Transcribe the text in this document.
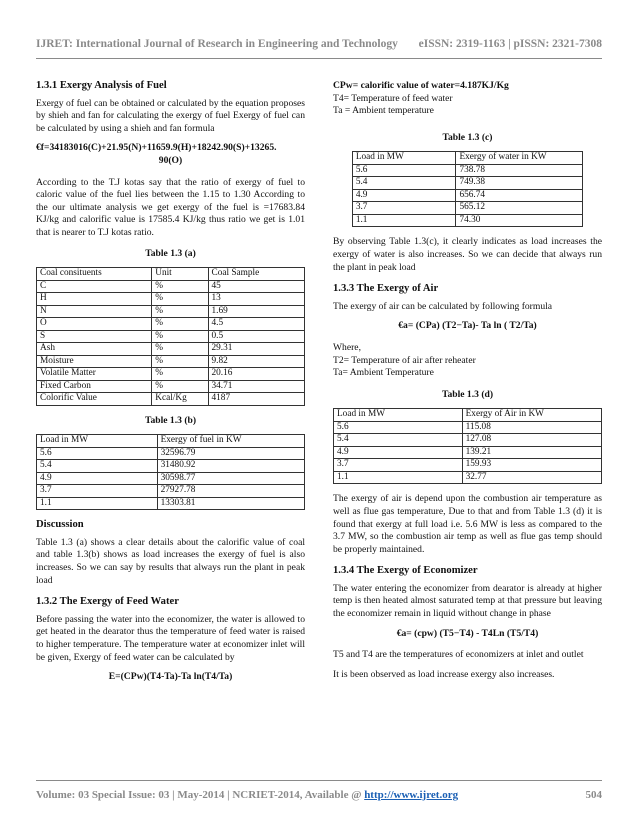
IJRET: International Journal of Research in Engineering and Technology eISSN: 2319-1163 | pISSN: 2321-7308
1.3.1 Exergy Analysis of Fuel

Exergy of fuel can be obtained or calculated by the equation proposes by shieh and fan for calculating the exergy of fuel Exergy of fuel can be calculated by using a shieh and fan formula

€f=34183016(C)+21.95(N)+11659.9(H)+18242.90(S)+13265.
90(O)

According to the T.J kotas say that the ratio of exergy of fuel to caloric value of the fuel lies between the 1.15 to 1.30 According to the our ultimate analysis we get exergy of the fuel is =17683.84 KJ/kg and calorific value is 17585.4 KJ/kg thus ratio we get is 1.01 that is nearer to T.J kotas ratio.

Table 1.3 (a)
Coal consituents	Unit	Coal Sample
C	%	45
H	%	13
N	%	1.69
O	%	4.5
S	%	0.5
Ash	%	29.31
Moisture	%	9.82
Volatile Matter	%	20.16
Fixed Carbon	%	34.71
Colorific Value	Kcal/Kg	4187
Table 1.3 (b)
Load in MW	Exergy of fuel in KW
5.6	32596.79
5.4	31480.92
4.9	30598.77
3.7	27927.78
1.1	13303.81
Discussion

Table 1.3 (a) shows a clear details about the calorific value of coal and table 1.3(b) shows as load increases the exergy of fuel is also increases. So we can say by results that always run the plant in peak load

1.3.2 The Exergy of Feed Water

Before passing the water into the economizer, the water is allowed to get heated in the dearator thus the temperature of feed water is raised to higher temperature. The temperature water at economizer inlet will be given, Exergy of feed water can be calculated by

E=(CPw)(T4-Ta)-Ta ln(T4/Ta)
CPw= calorific value of water=4.187KJ/Kg
T4= Temperature of feed water
Ta = Ambient temperature
Table 1.3 (c)
Load in MW	Exergy of water in KW
5.6	738.78
5.4	749.38
4.9	656.74
3.7	565.12
1.1	74.30

By observing Table 1.3(c), it clearly indicates as load increases the exergy of water is also increases. So we can decide that always run the plant in peak load

1.3.3 The Exergy of Air

The exergy of air can be calculated by following formula

€a= (CPa) (T2−Ta)- Ta ln ( T2/Ta)
Where,
T2= Temperature of air after reheater
Ta= Ambient Temperature
Table 1.3 (d)
Load in MW	Exergy of Air in KW
5.6	115.08
5.4	127.08
4.9	139.21
3.7	159.93
1.1	32.77

The exergy of air is depend upon the combustion air temperature as well as flue gas temperature, Due to that and from Table 1.3 (d) it is found that exergy at full load i.e. 5.6 MW is less as compared to the 3.7 MW, so the combustion air temp as well as flue gas temp should be properly maintained.

1.3.4 The Exergy of Economizer

The water entering the economizer from dearator is already at higher temp is then heated almost saturated temp at that pressure but leaving the economizer remain in liquid without change in phase

€a= (cpw) (T5−T4) - T4Ln (T5/T4)

T5 and T4 are the temperatures of economizers at inlet and outlet

It is been observed as load increase exergy also increases.

Volume: 03 Special Issue: 03 | May-2014 | NCRIET-2014, Available @ http://www.ijret.org	504
